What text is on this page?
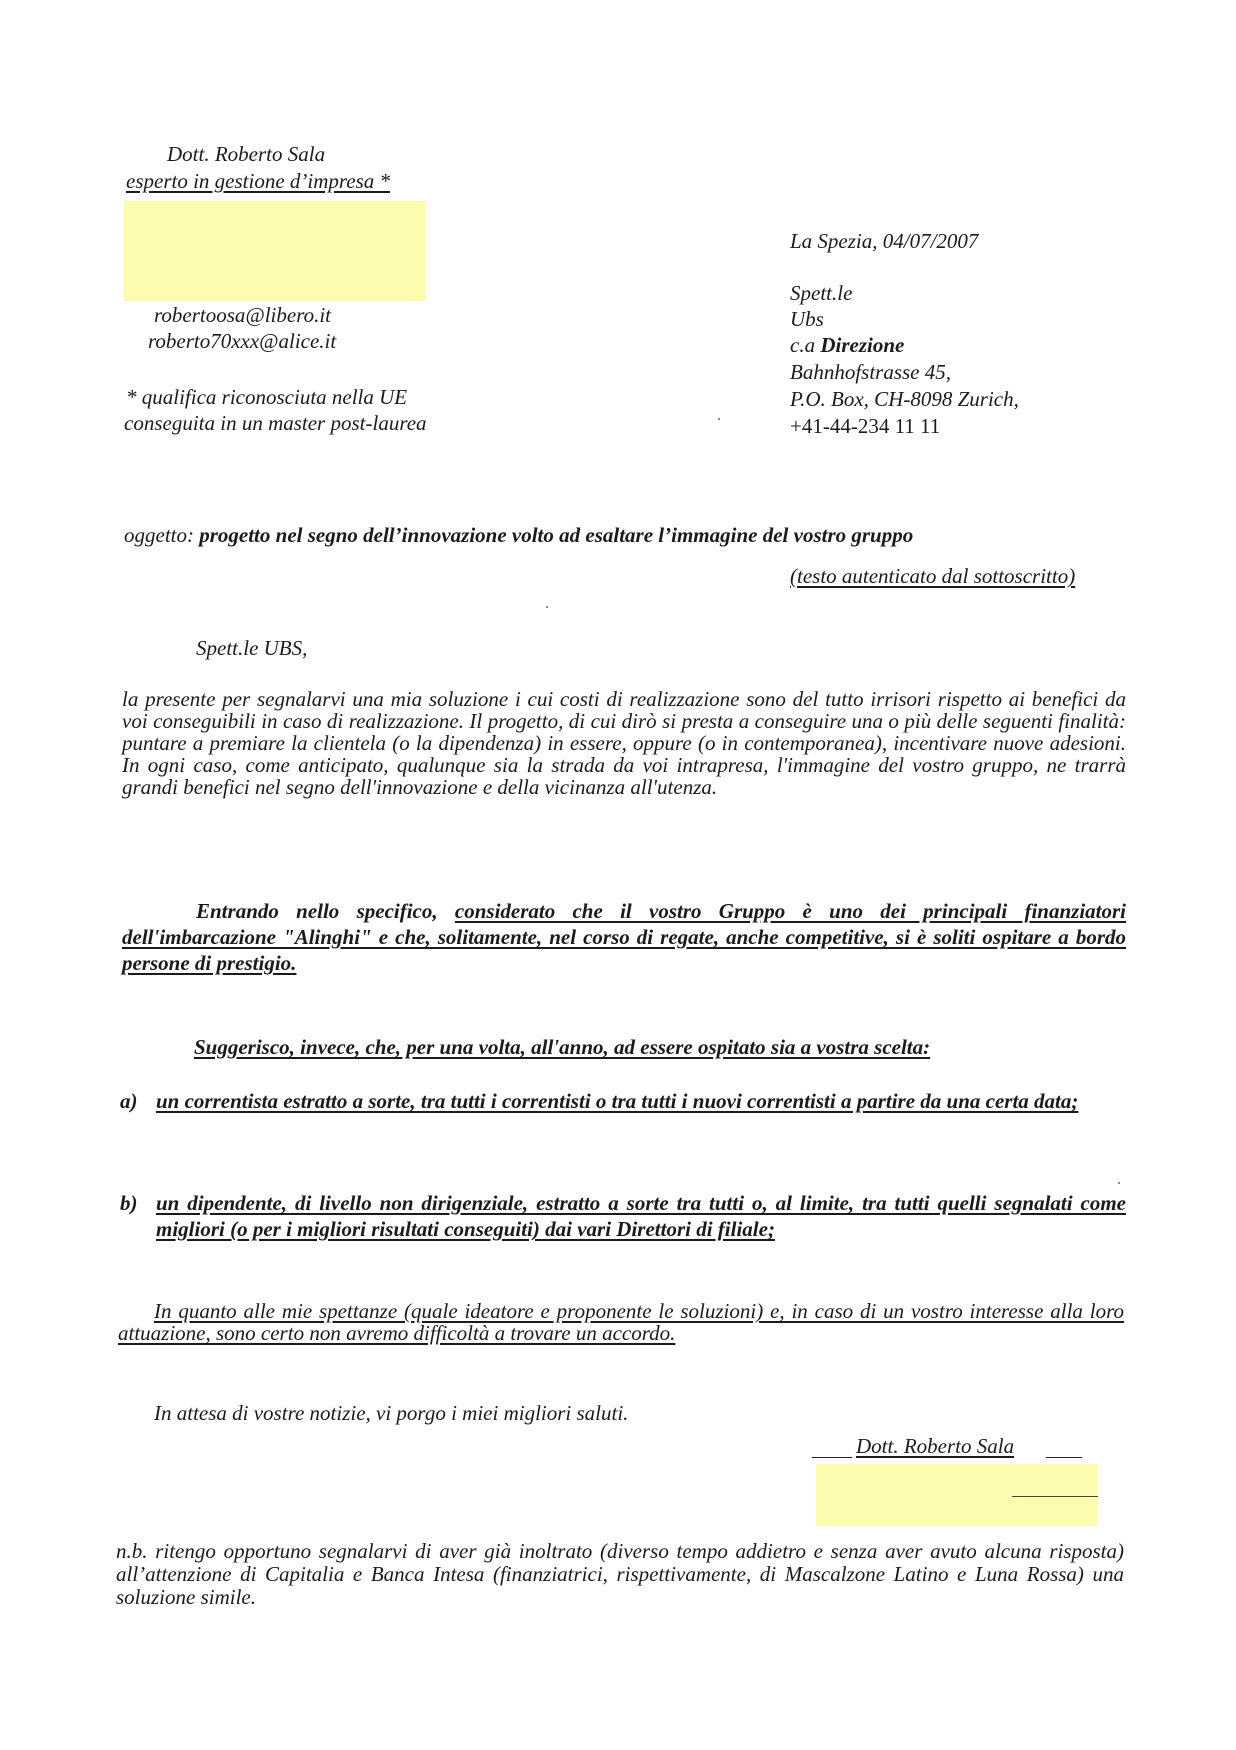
Dott. Roberto Sala
esperto in gestione d’impresa *
robertoosa@libero.it
roberto70xxx@alice.it
* qualifica riconosciuta nella UE
conseguita in un master post-laurea
La Spezia, 04/07/2007
Spett.le
Ubs
c.a Direzione
Bahnhofstrasse 45,
P.O. Box, CH-8098 Zurich,
+41-44-234 11 11
oggetto: progetto nel segno dell’innovazione volto ad esaltare l’immagine del vostro gruppo
(testo autenticato dal sottoscritto)
Spett.le UBS,
la presente per segnalarvi una mia soluzione i cui costi di realizzazione sono del tutto irrisori rispetto ai benefici da voi conseguibili in caso di realizzazione. Il progetto, di cui dirò si presta a conseguire una o più delle seguenti finalità: puntare a premiare la clientela (o la dipendenza) in essere, oppure (o in contemporanea), incentivare nuove adesioni. In ogni caso, come anticipato, qualunque sia la strada da voi intrapresa, l'immagine del vostro gruppo, ne trarrà grandi benefici nel segno dell'innovazione e della vicinanza all'utenza.
Entrando nello specifico, considerato che il vostro Gruppo è uno dei principali finanziatori dell'imbarcazione "Alinghi" e che, solitamente, nel corso di regate, anche competitive, si è soliti ospitare a bordo persone di prestigio.
Suggerisco, invece, che, per una volta, all'anno, ad essere ospitato sia a vostra scelta:
a) un correntista estratto a sorte, tra tutti i correntisti o tra tutti i nuovi correntisti a partire da una certa data;
b) un dipendente, di livello non dirigenziale, estratto a sorte tra tutti o, al limite, tra tutti quelli segnalati come migliori (o per i migliori risultati conseguiti) dai vari Direttori di filiale;
In quanto alle mie spettanze (quale ideatore e proponente le soluzioni) e, in caso di un vostro interesse alla loro attuazione, sono certo non avremo difficoltà a trovare un accordo.
In attesa di vostre notizie, vi porgo i miei migliori saluti.
Dott. Roberto Sala
n.b. ritengo opportuno segnalarvi di aver già inoltrato (diverso tempo addietro e senza aver avuto alcuna risposta) all’attenzione di Capitalia e Banca Intesa (finanziatrici, rispettivamente, di Mascalzone Latino e Luna Rossa) una soluzione simile.
